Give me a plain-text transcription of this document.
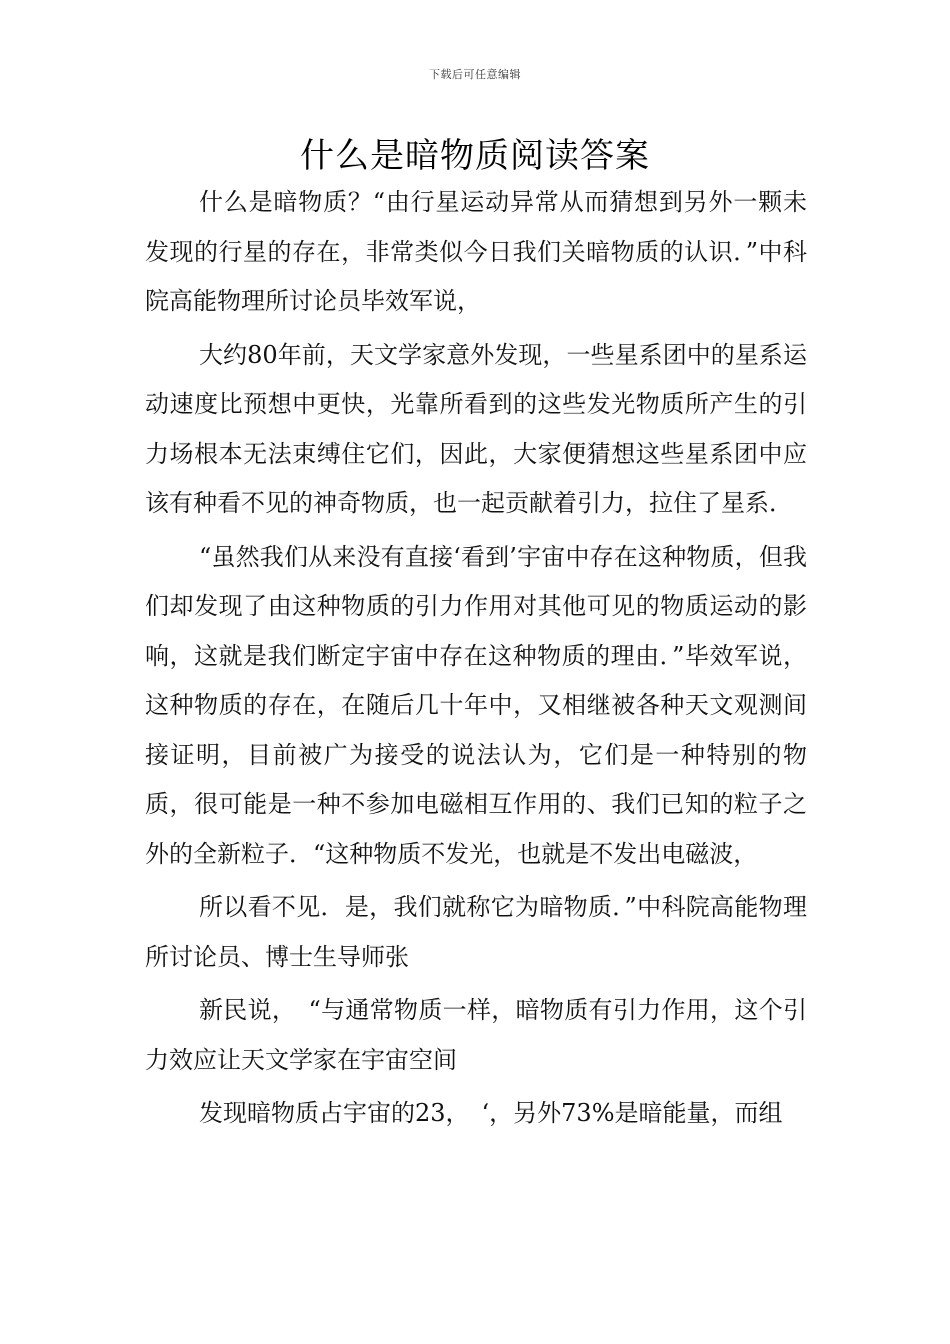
下载后可任意编辑
什么是暗物质阅读答案

什么是暗物质？“由行星运动异常从而猜想到另外一颗未发现的行星的存在，非常类似今日我们关暗物质的认识．”中科院高能物理所讨论员毕效军说，

大约80年前，天文学家意外发现，一些星系团中的星系运动速度比预想中更快，光靠所看到的这些发光物质所产生的引力场根本无法束缚住它们，因此，大家便猜想这些星系团中应该有种看不见的神奇物质，也一起贡献着引力，拉住了星系．

“虽然我们从来没有直接‘看到’宇宙中存在这种物质，但我们却发现了由这种物质的引力作用对其他可见的物质运动的影响，这就是我们断定宇宙中存在这种物质的理由．”毕效军说，这种物质的存在，在随后几十年中，又相继被各种天文观测间接证明，目前被广为接受的说法认为，它们是一种特别的物质，很可能是一种不参加电磁相互作用的、我们已知的粒子之外的全新粒子．“这种物质不发光，也就是不发出电磁波，

所以看不见．是，我们就称它为暗物质．”中科院高能物理所讨论员、博士生导师张

新民说，　“与通常物质一样，暗物质有引力作用，这个引力效应让天文学家在宇宙空间

发现暗物质占宇宙的23，　‘，另外73%是暗能量，而组
